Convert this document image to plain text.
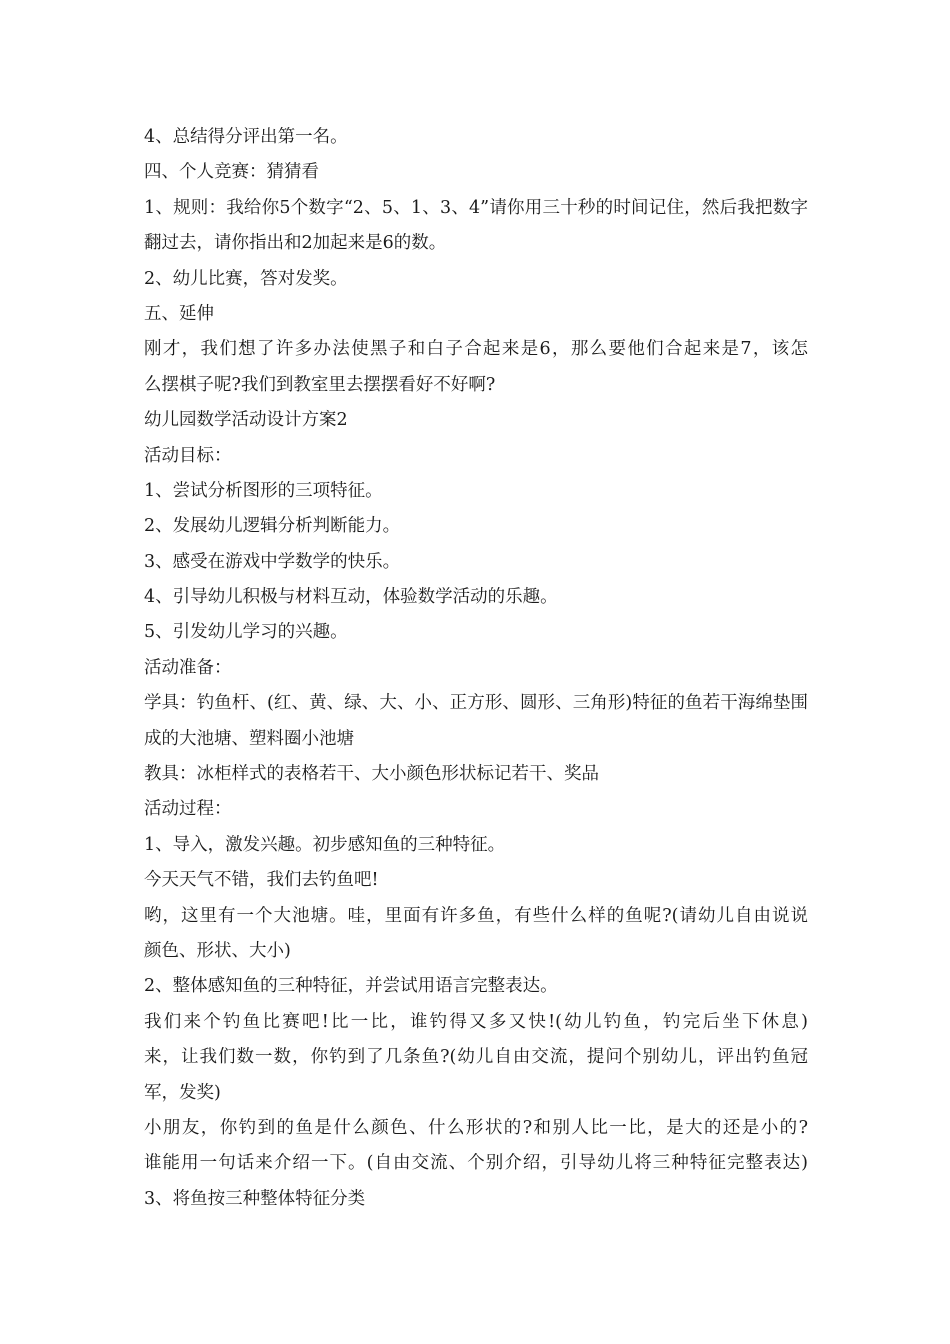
4、总结得分评出第一名。
四、个人竞赛：猜猜看
1、规则：我给你5个数字“2、5、1、3、4”请你用三十秒的时间记住，然后我把数字
翻过去，请你指出和2加起来是6的数。
2、幼儿比赛，答对发奖。
五、延伸
刚才，我们想了许多办法使黑子和白子合起来是6，那么要他们合起来是7，该怎
么摆棋子呢?我们到教室里去摆摆看好不好啊?
幼儿园数学活动设计方案2
活动目标：
1、尝试分析图形的三项特征。
2、发展幼儿逻辑分析判断能力。
3、感受在游戏中学数学的快乐。
4、引导幼儿积极与材料互动，体验数学活动的乐趣。
5、引发幼儿学习的兴趣。
活动准备：
学具：钓鱼杆、(红、黄、绿、大、小、正方形、圆形、三角形)特征的鱼若干海绵垫围
成的大池塘、塑料圈小池塘
教具：冰柜样式的表格若干、大小颜色形状标记若干、奖品
活动过程：
1、导入，激发兴趣。初步感知鱼的三种特征。
今天天气不错，我们去钓鱼吧!
哟，这里有一个大池塘。哇，里面有许多鱼，有些什么样的鱼呢?(请幼儿自由说说
颜色、形状、大小)
2、整体感知鱼的三种特征，并尝试用语言完整表达。
我们来个钓鱼比赛吧!比一比，谁钓得又多又快!(幼儿钓鱼，钓完后坐下休息)
来，让我们数一数，你钓到了几条鱼?(幼儿自由交流，提问个别幼儿，评出钓鱼冠
军，发奖)
小朋友，你钓到的鱼是什么颜色、什么形状的?和别人比一比，是大的还是小的?
谁能用一句话来介绍一下。(自由交流、个别介绍，引导幼儿将三种特征完整表达)
3、将鱼按三种整体特征分类
